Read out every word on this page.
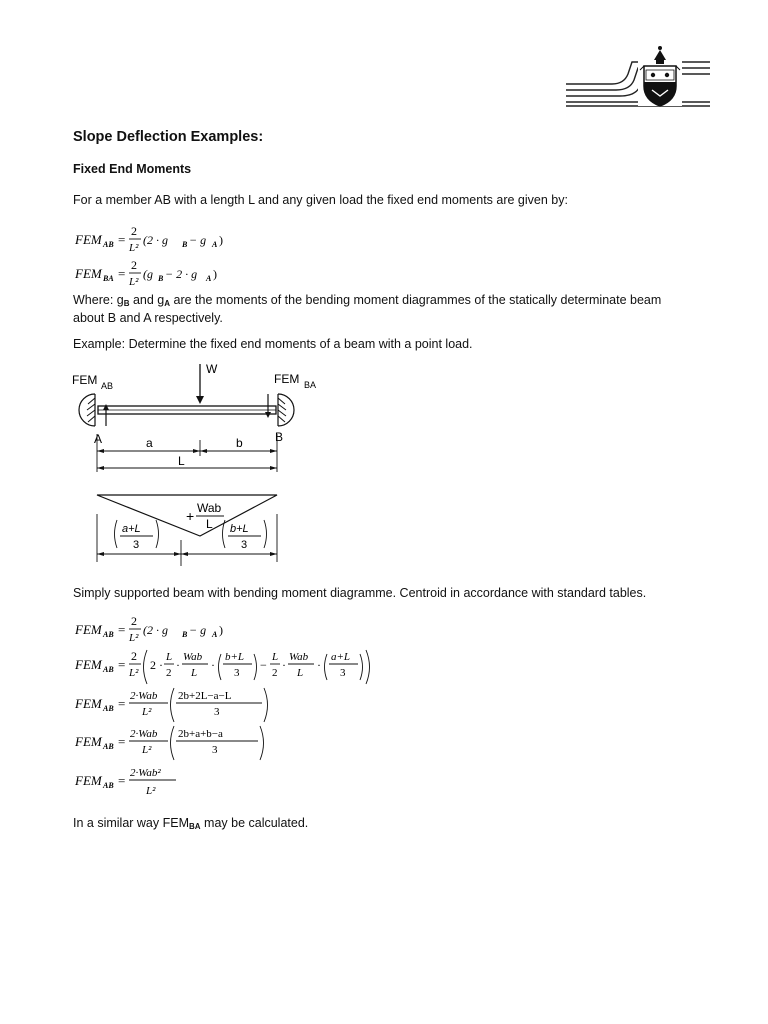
Slope Deflection Examples:

Fixed End Moments

For a member AB with a length L and any given load the fixed end moments are given by:

FEM AB =
2
L²
(2 · g B − g A )
FEM BA =
2
L²
(g B − 2 · g A )

Where: $g_B$ and $g_A$ are the moments of the bending moment diagrammes of the statically determinate beam
about B and A respectively.

Example: Determine the fixed end moments of a beam with a point load.

FEM AB	FEM BA
W
A	B
a	b
L
+ Wab
L
a+L
3
b+L
3

Simply supported beam with bending moment diagramme. Centroid in accordance with standard tables.

FEM AB =
2
L²
(2 · g B − g A )
FEM AB =
2
L²
2 ·
L
2
·
Wab
L
·
b+L
3
−
L
2
·
Wab
L
·
a+L
3
FEM AB = 2·Wab
L²
2b+2L−a−L
3
FEM AB = 2·Wab
L²
2b+a+b−a
3
FEM AB = 2·Wab²
L²

In a similar way $FEM_{BA}$ may be calculated.
